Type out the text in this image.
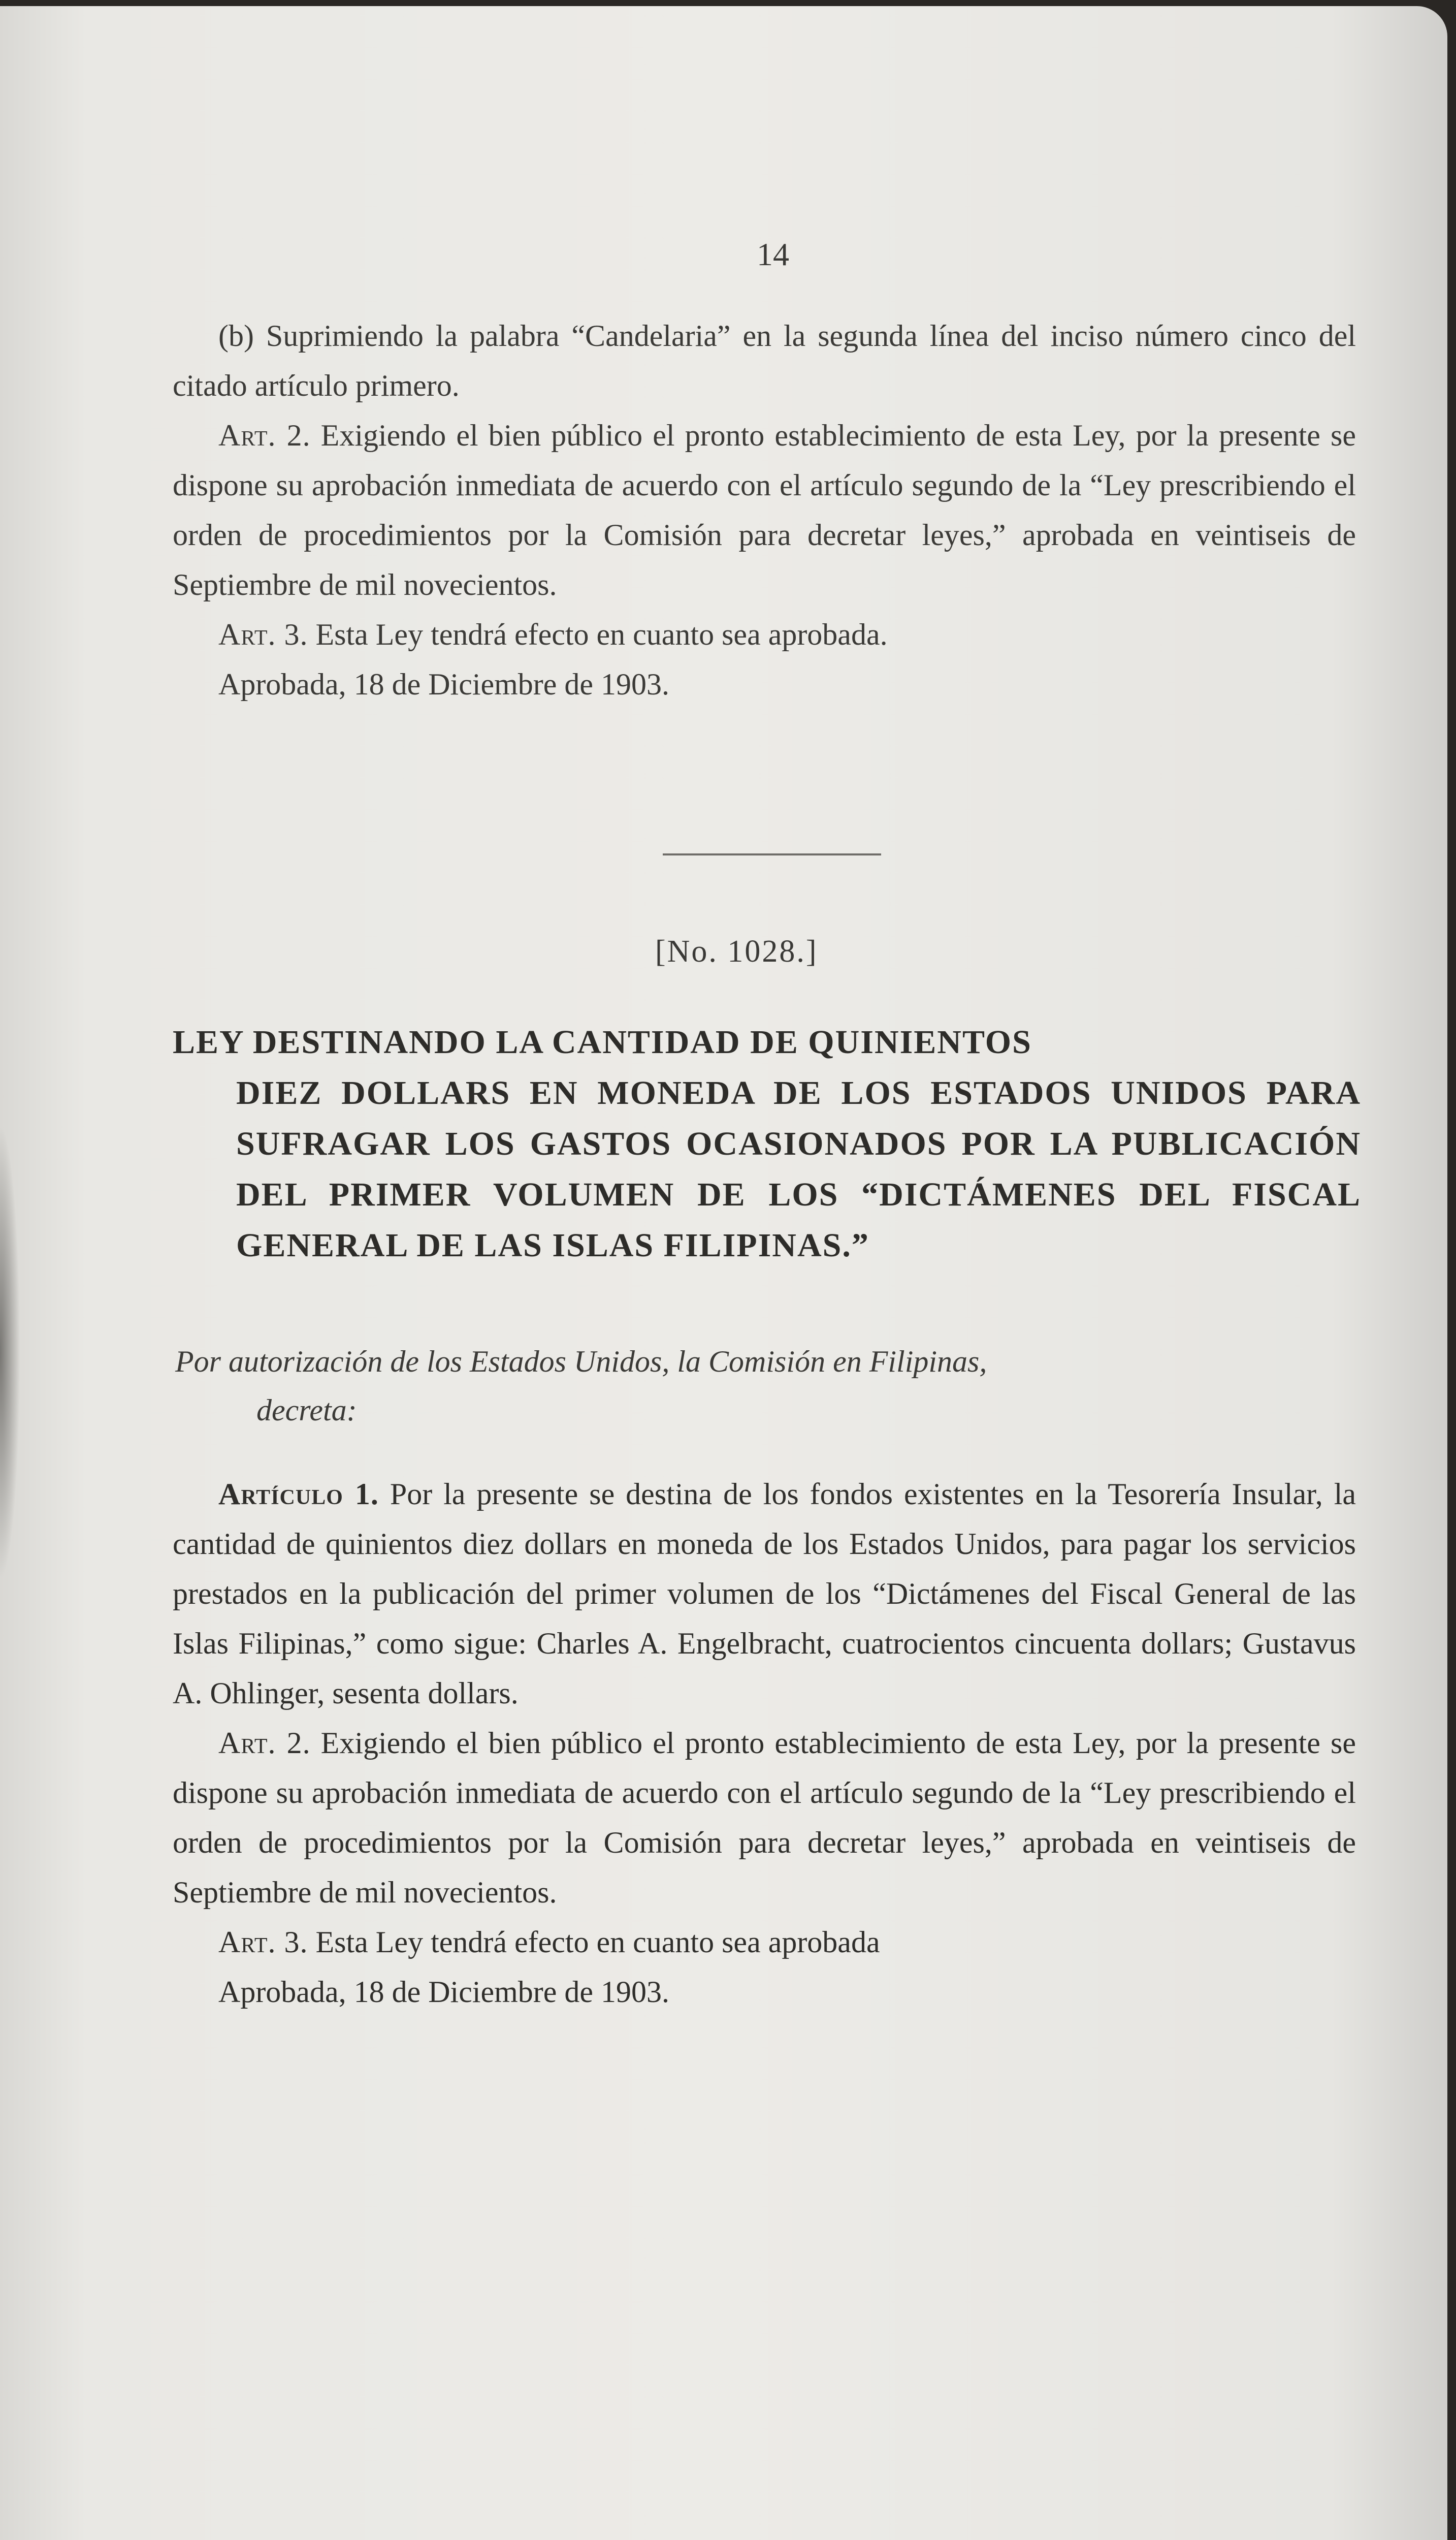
14

(b) Suprimiendo la palabra “Candelaria” en la segunda línea del inciso número cinco del citado artículo primero.

Art. 2. Exigiendo el bien público el pronto establecimiento de esta Ley, por la presente se dispone su aprobación inmediata de acuerdo con el artículo segundo de la “Ley prescribiendo el orden de procedimientos por la Comisión para decretar leyes,” aprobada en veintiseis de Septiembre de mil novecientos.

Art. 3. Esta Ley tendrá efecto en cuanto sea aprobada.

Aprobada, 18 de Diciembre de 1903.

[No. 1028.]

LEY DESTINANDO LA CANTIDAD DE QUINIENTOS
DIEZ DOLLARS EN MONEDA DE LOS ESTADOS UNIDOS PARA SUFRAGAR LOS GASTOS OCASIONADOS POR LA PUBLICACIÓN DEL PRIMER VOLUMEN DE LOS “DICTÁMENES DEL FISCAL GENERAL DE LAS ISLAS FILIPINAS.”

Por autorización de los Estados Unidos, la Comisión en Filipinas,
decreta:

Artículo 1. Por la presente se destina de los fondos existentes en la Tesorería Insular, la cantidad de quinientos diez dollars en moneda de los Estados Unidos, para pagar los servicios prestados en la publicación del primer volumen de los “Dictámenes del Fiscal General de las Islas Filipinas,” como sigue: Charles A. Engelbracht, cuatrocientos cincuenta dollars; Gustavus A. Ohlinger, sesenta dollars.

Art. 2. Exigiendo el bien público el pronto establecimiento de esta Ley, por la presente se dispone su aprobación inmediata de acuerdo con el artículo segundo de la “Ley prescribiendo el orden de procedimientos por la Comisión para decretar leyes,” aprobada en veintiseis de Septiembre de mil novecientos.

Art. 3. Esta Ley tendrá efecto en cuanto sea aprobada

Aprobada, 18 de Diciembre de 1903.
